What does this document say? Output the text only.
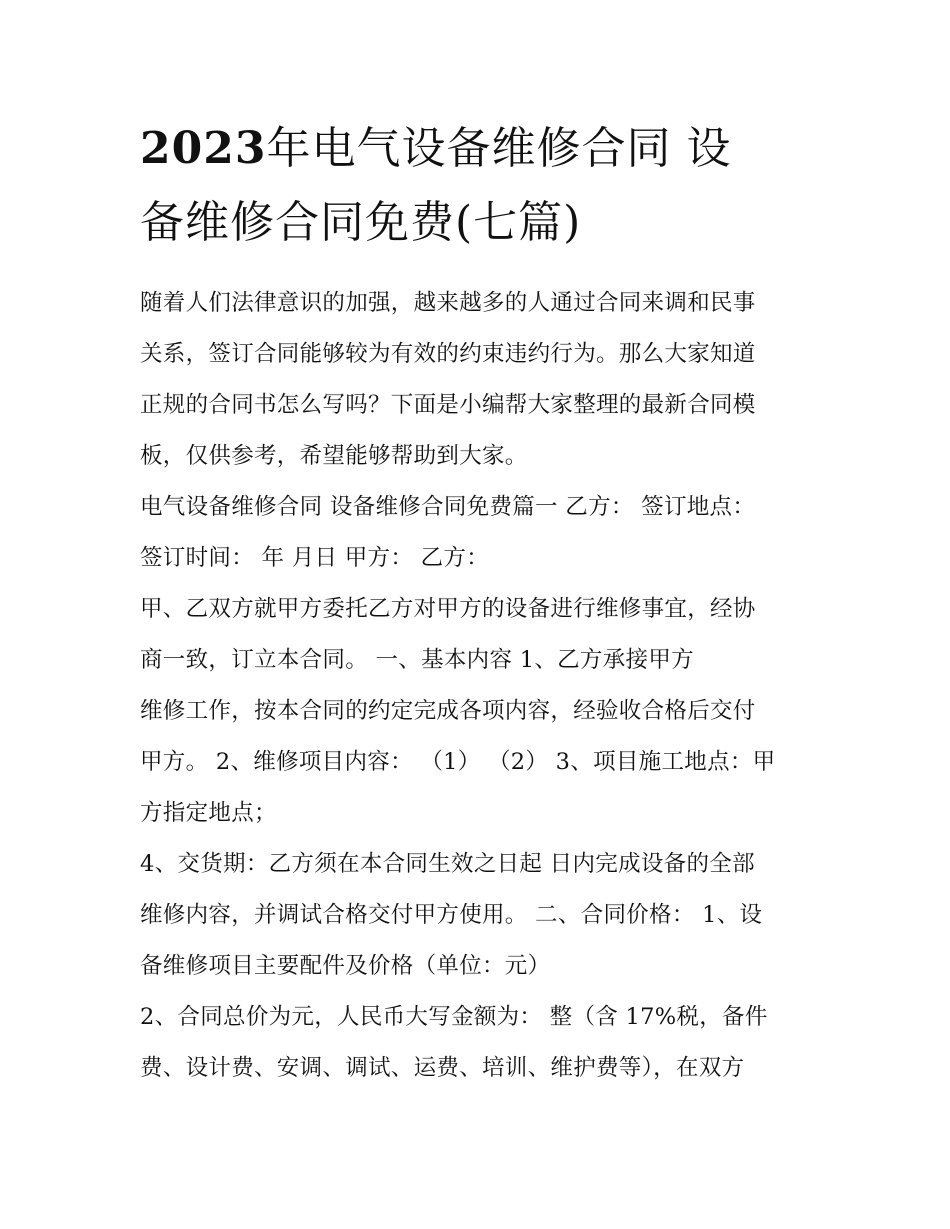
2023年电气设备维修合同 设
备维修合同免费(七篇)
随着人们法律意识的加强，越来越多的人通过合同来调和民事
关系，签订合同能够较为有效的约束违约行为。那么大家知道
正规的合同书怎么写吗？下面是小编帮大家整理的最新合同模
板，仅供参考，希望能够帮助到大家。
电气设备维修合同 设备维修合同免费篇一 乙方： 签订地点：
签订时间： 年 月日 甲方： 乙方：
甲、乙双方就甲方委托乙方对甲方的设备进行维修事宜，经协
商一致，订立本合同。 一、基本内容 1、乙方承接甲方
维修工作，按本合同的约定完成各项内容，经验收合格后交付
甲方。 2、维修项目内容： （1） （2） 3、项目施工地点：甲
方指定地点；
4、交货期：乙方须在本合同生效之日起 日内完成设备的全部
维修内容，并调试合格交付甲方使用。 二、合同价格： 1、设
备维修项目主要配件及价格（单位：元）
2、合同总价为元，人民币大写金额为： 整（含 17%税，备件
费、设计费、安调、调试、运费、培训、维护费等），在双方
